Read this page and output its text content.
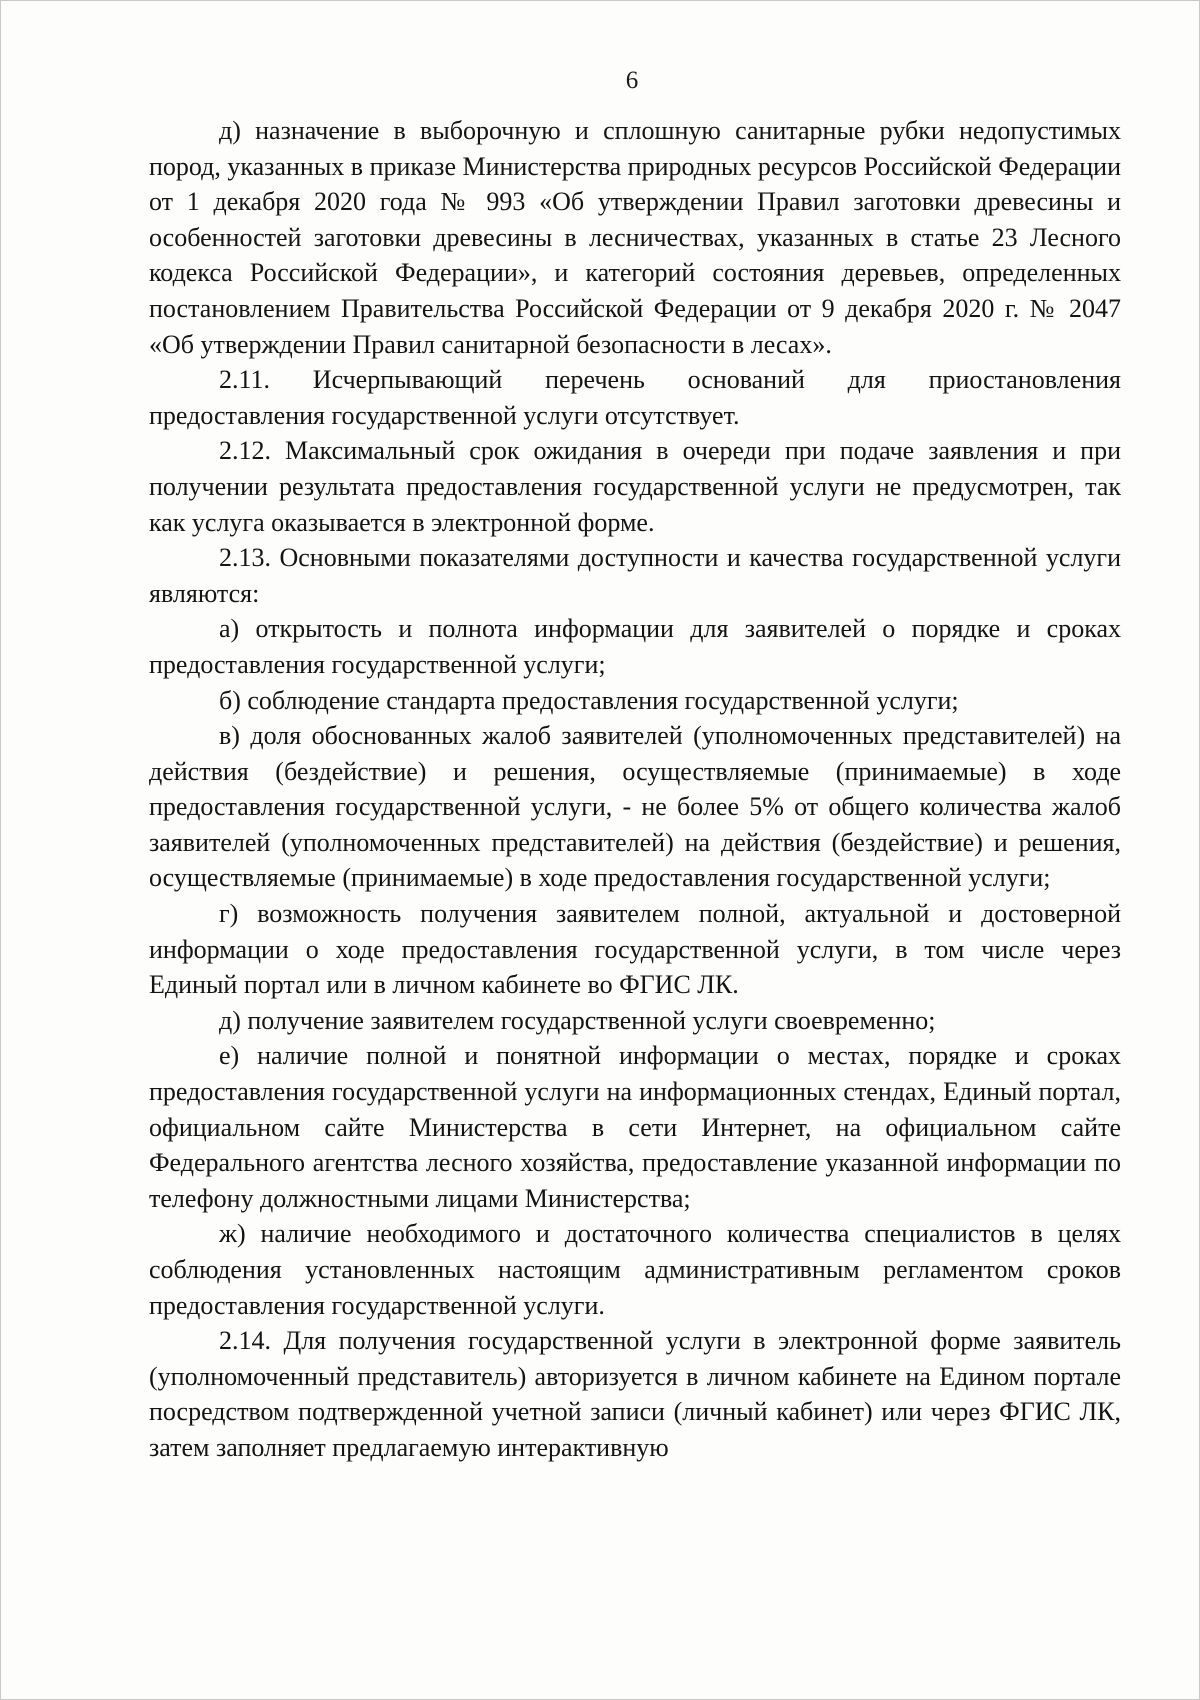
6

д) назначение в выборочную и сплошную санитарные рубки недопустимых пород, указанных в приказе Министерства природных ресурсов Российской Федерации от 1 декабря 2020 года № 993 «Об утверждении Правил заготовки древесины и особенностей заготовки древесины в лесничествах, указанных в статье 23 Лесного кодекса Российской Федерации», и категорий состояния деревьев, определенных постановлением Правительства Российской Федерации от 9 декабря 2020 г. № 2047 «Об утверждении Правил санитарной безопасности в лесах».

2.11. Исчерпывающий перечень оснований для приостановления предоставления государственной услуги отсутствует.

2.12. Максимальный срок ожидания в очереди при подаче заявления и при получении результата предоставления государственной услуги не предусмотрен, так как услуга оказывается в электронной форме.

2.13. Основными показателями доступности и качества государственной услуги являются:

а) открытость и полнота информации для заявителей о порядке и сроках предоставления государственной услуги;

б) соблюдение стандарта предоставления государственной услуги;

в) доля обоснованных жалоб заявителей (уполномоченных представителей) на действия (бездействие) и решения, осуществляемые (принимаемые) в ходе предоставления государственной услуги, - не более 5% от общего количества жалоб заявителей (уполномоченных представителей) на действия (бездействие) и решения, осуществляемые (принимаемые) в ходе предоставления государственной услуги;

г) возможность получения заявителем полной, актуальной и достоверной информации о ходе предоставления государственной услуги, в том числе через Единый портал или в личном кабинете во ФГИС ЛК.

д) получение заявителем государственной услуги своевременно;

е) наличие полной и понятной информации о местах, порядке и сроках предоставления государственной услуги на информационных стендах, Единый портал, официальном сайте Министерства в сети Интернет, на официальном сайте Федерального агентства лесного хозяйства, предоставление указанной информации по телефону должностными лицами Министерства;

ж) наличие необходимого и достаточного количества специалистов в целях соблюдения установленных настоящим административным регламентом сроков предоставления государственной услуги.

2.14. Для получения государственной услуги в электронной форме заявитель (уполномоченный представитель) авторизуется в личном кабинете на Едином портале посредством подтвержденной учетной записи (личный кабинет) или через ФГИС ЛК, затем заполняет предлагаемую интерактивную
